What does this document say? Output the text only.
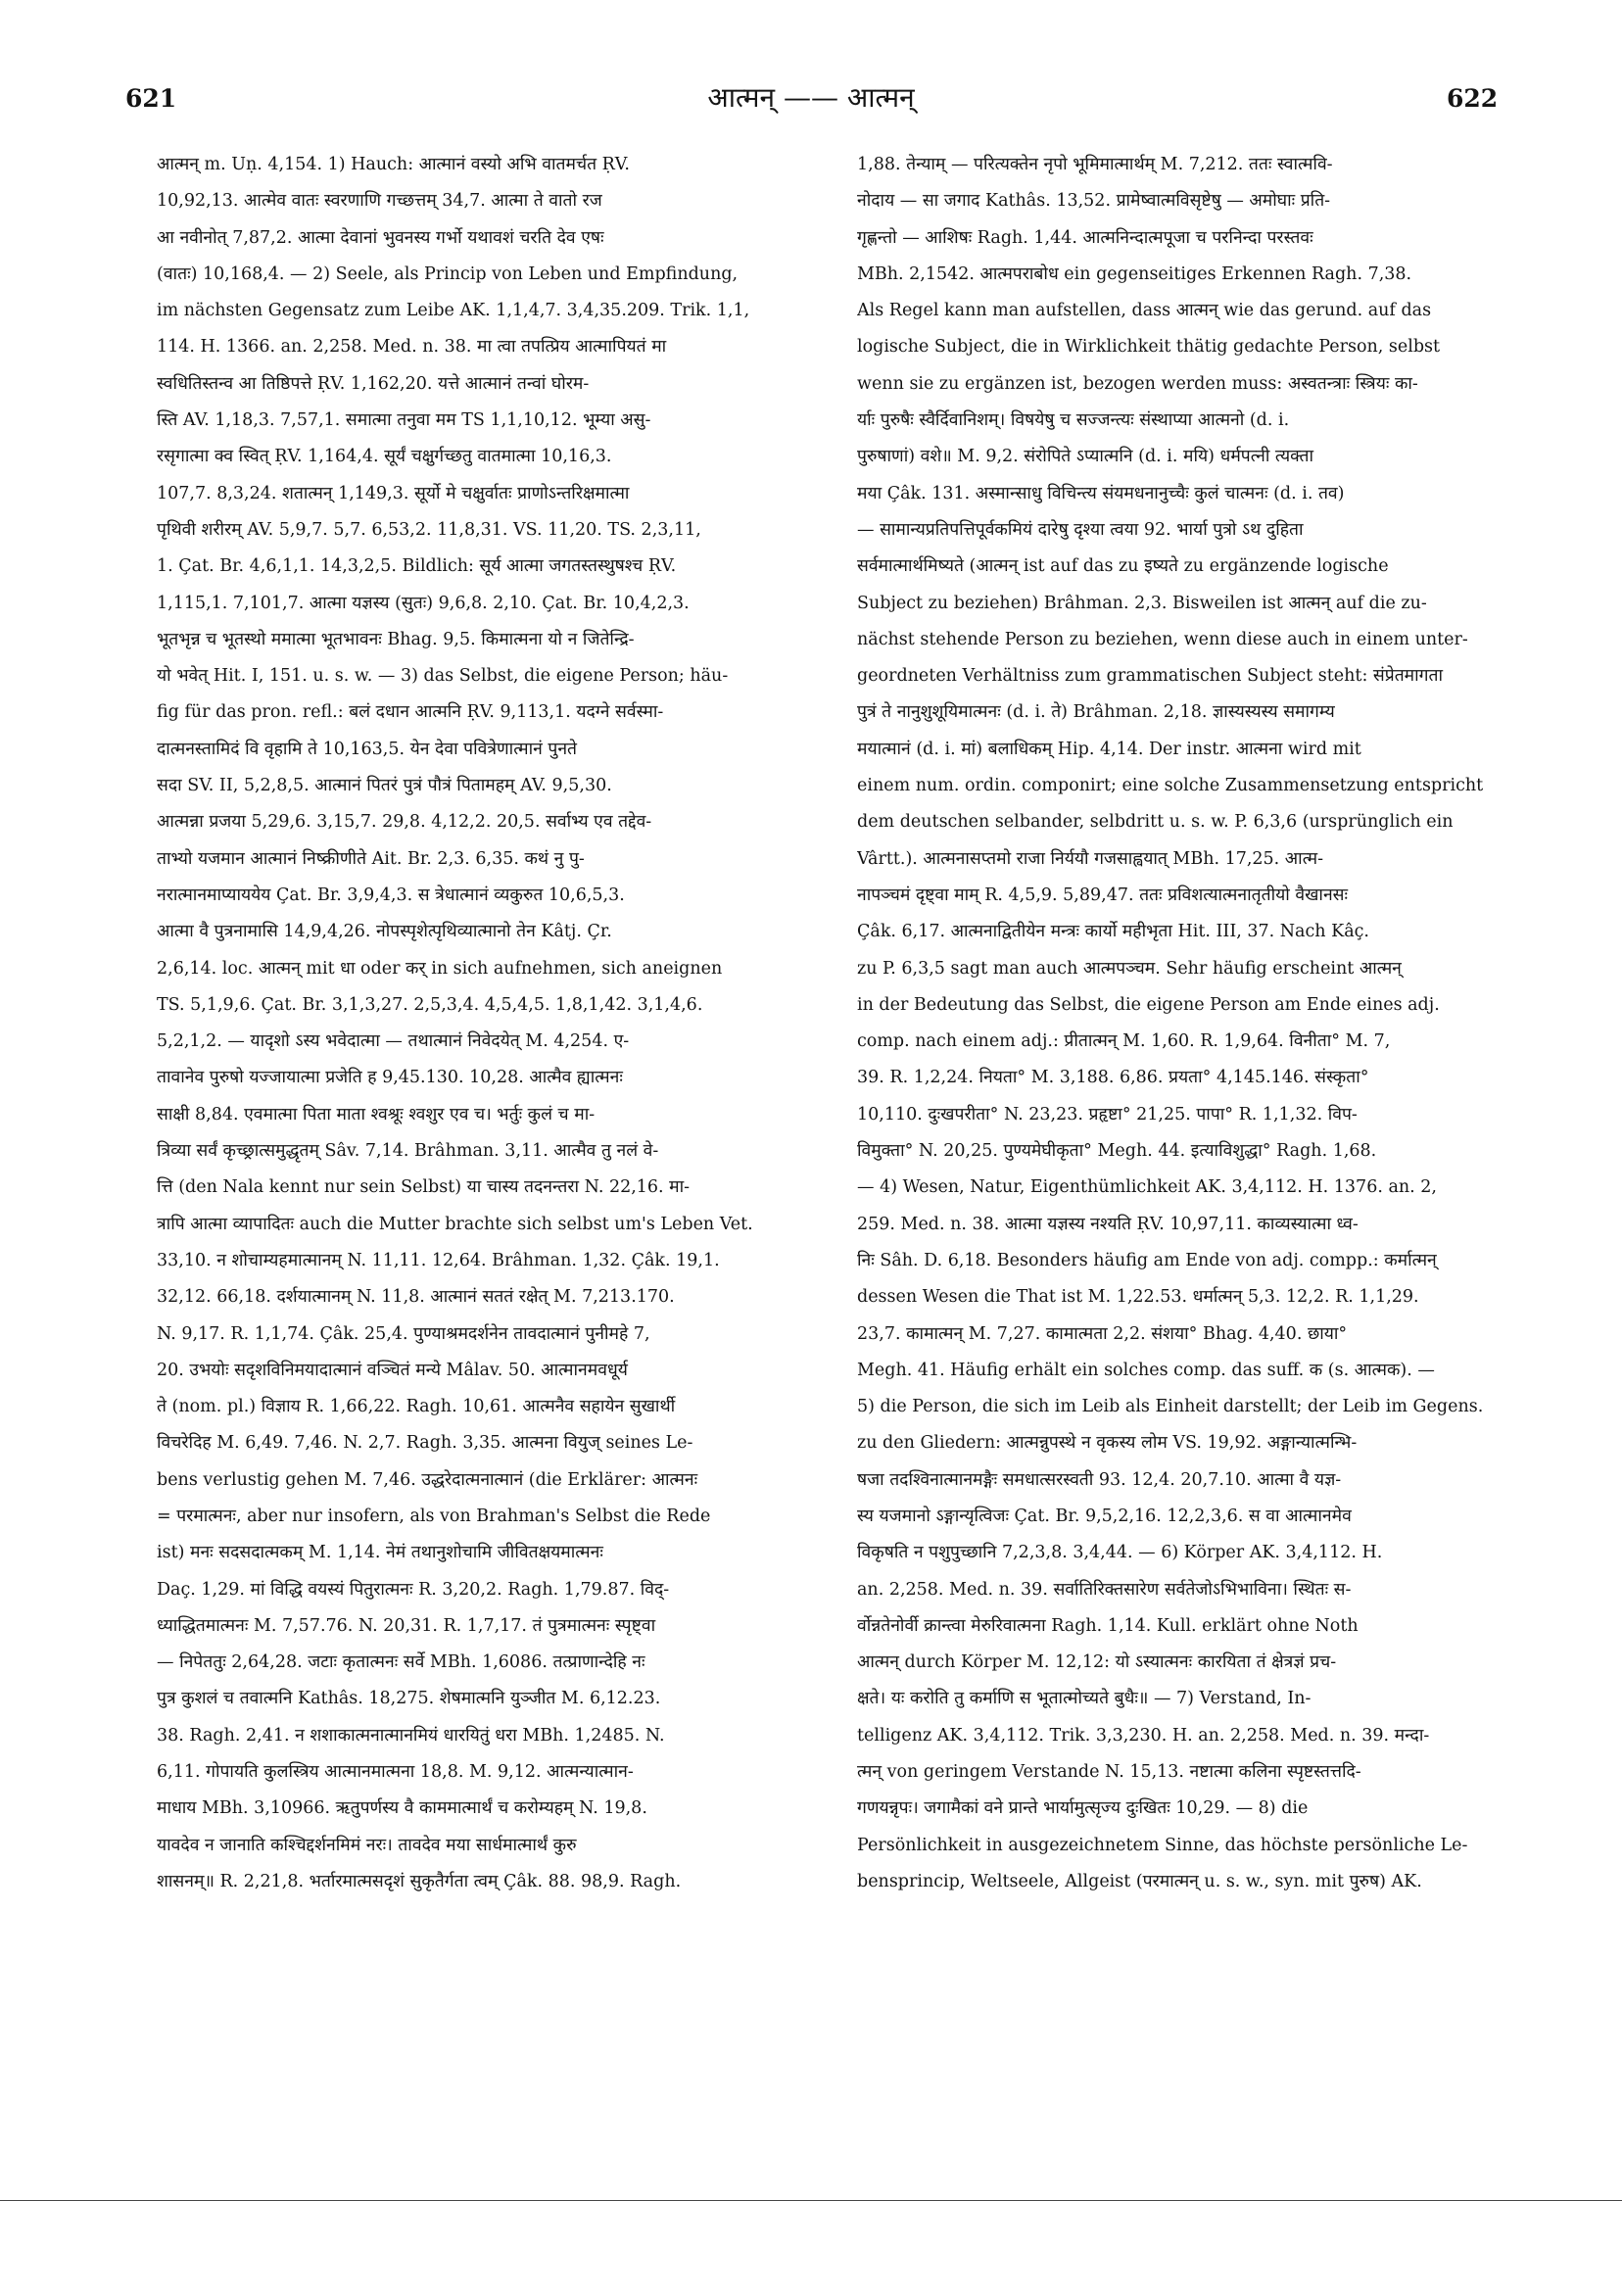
621	आत्मन् —— आत्मन्	622
आत्मन् m. Uṇ. 4,154. 1) Hauch: आत्मानं वस्यो अभि वातमर्चत ṚV.
10,92,13. आत्मेव वातः स्वरणाणि गच्छत्तम् 34,7. आत्मा ते वातो रज
आ नवीनोत् 7,87,2. आत्मा देवानां भुवनस्य गर्भो यथावशं चरति देव एषः
(वातः) 10,168,4. — 2) Seele, als Princip von Leben und Empfindung,
im nächsten Gegensatz zum Leibe AK. 1,1,4,7. 3,4,35.209. Trik. 1,1,
114. H. 1366. an. 2,258. Med. n. 38. मा त्वा तपत्प्रिय आत्मापियतं मा
स्वधितिस्तन्व आ तिष्ठिपत्ते ṚV. 1,162,20. यत्ते आत्मानं तन्वां घोरम-
स्ति AV. 1,18,3. 7,57,1. समात्मा तनुवा मम TS 1,1,10,12. भूम्या असु-
रसृगात्मा क्व स्वित् ṚV. 1,164,4. सूर्यं चक्षुर्गच्छतु वातमात्मा 10,16,3.
107,7. 8,3,24. शतात्मन् 1,149,3. सूर्यो मे चक्षुर्वातः प्राणोऽन्तरिक्षमात्मा
पृथिवी शरीरम् AV. 5,9,7. 5,7. 6,53,2. 11,8,31. VS. 11,20. TS. 2,3,11,
1. Çat. Br. 4,6,1,1. 14,3,2,5. Bildlich: सूर्य आत्मा जगतस्तस्थुषश्च ṚV.
1,115,1. 7,101,7. आत्मा यज्ञस्य (सुतः) 9,6,8. 2,10. Çat. Br. 10,4,2,3.
भूतभृन्न च भूतस्थो ममात्मा भूतभावनः Bhag. 9,5. किमात्मना यो न जितेन्द्रि-
यो भवेत् Hit. I, 151. u. s. w. — 3) das Selbst, die eigene Person; häu-
fig für das pron. refl.: बलं दधान आत्मनि ṚV. 9,113,1. यदग्ने सर्वस्मा-
दात्मनस्तामिदं वि वृहामि ते 10,163,5. येन देवा पवित्रेणात्मानं पुनते
सदा SV. II, 5,2,8,5. आत्मानं पितरं पुत्रं पौत्रं पितामहम् AV. 9,5,30.
आत्मन्ना प्रजया 5,29,6. 3,15,7. 29,8. 4,12,2. 20,5. सर्वाभ्य एव तद्देव-
ताभ्यो यजमान आत्मानं निष्क्रीणीते Ait. Br. 2,3. 6,35. कथं नु पु-
नरात्मानमाप्याययेय Çat. Br. 3,9,4,3. स त्रेधात्मानं व्यकुरुत 10,6,5,3.
आत्मा वै पुत्रनामासि 14,9,4,26. नोपस्पृशेत्पृथिव्यात्मानो तेन Kâtj. Çr.
2,6,14. loc. आत्मन् mit धा oder कर् in sich aufnehmen, sich aneignen
TS. 5,1,9,6. Çat. Br. 3,1,3,27. 2,5,3,4. 4,5,4,5. 1,8,1,42. 3,1,4,6.
5,2,1,2. — यादृशो ऽस्य भवेदात्मा — तथात्मानं निवेदयेत् M. 4,254. ए-
तावानेव पुरुषो यज्जायात्मा प्रजेति ह 9,45.130. 10,28. आत्मैव ह्यात्मनः
साक्षी 8,84. एवमात्मा पिता माता श्वश्रूः श्वशुर एव च। भर्तुः कुलं च मा-
त्रिव्या सर्वं कृच्छ्रात्समुद्धृतम् Sâv. 7,14. Brâhman. 3,11. आत्मैव तु नलं वे-
त्ति (den Nala kennt nur sein Selbst) या चास्य तदनन्तरा N. 22,16. मा-
त्रापि आत्मा व्यापादितः auch die Mutter brachte sich selbst um's Leben Vet.
33,10. न शोचाम्यहमात्मानम् N. 11,11. 12,64. Brâhman. 1,32. Çâk. 19,1.
32,12. 66,18. दर्शयात्मानम् N. 11,8. आत्मानं सततं रक्षेत् M. 7,213.170.
N. 9,17. R. 1,1,74. Çâk. 25,4. पुण्याश्रमदर्शनेन तावदात्मानं पुनीमहे 7,
20. उभयोः सदृशविनिमयादात्मानं वञ्चितं मन्ये Mâlav. 50. आत्मानमवधूर्य
ते (nom. pl.) विज्ञाय R. 1,66,22. Ragh. 10,61. आत्मनैव सहायेन सुखार्थी
विचरेदिह M. 6,49. 7,46. N. 2,7. Ragh. 3,35. आत्मना वियुज् seines Le-
bens verlustig gehen M. 7,46. उद्धरेदात्मनात्मानं (die Erklärer: आत्मनः
= परमात्मनः, aber nur insofern, als von Brahman's Selbst die Rede
ist) मनः सदसदात्मकम् M. 1,14. नेमं तथानुशोचामि जीवितक्षयमात्मनः
Daç. 1,29. मां विद्धि वयस्यं पितुरात्मनः R. 3,20,2. Ragh. 1,79.87. विद्-
ध्याद्धितमात्मनः M. 7,57.76. N. 20,31. R. 1,7,17. तं पुत्रमात्मनः स्पृष्ट्वा
— निपेततुः 2,64,28. जटाः कृतात्मनः सर्वे MBh. 1,6086. तत्प्राणान्देहि नः
पुत्र कुशलं च तवात्मनि Kathâs. 18,275. शेषमात्मनि युञ्जीत M. 6,12.23.
38. Ragh. 2,41. न शशाकात्मनात्मानमियं धारयितुं धरा MBh. 1,2485. N.
6,11. गोपायति कुलस्त्रिय आत्मानमात्मना 18,8. M. 9,12. आत्मन्यात्मान-
माधाय MBh. 3,10966. ऋतुपर्णस्य वै काममात्मार्थं च करोम्यहम् N. 19,8.
यावदेव न जानाति कश्चिद्दर्शनमिमं नरः। तावदेव मया सार्धमात्मार्थं कुरु
शासनम्॥ R. 2,21,8. भर्तारमात्मसदृशं सुकृतैर्गता त्वम् Çâk. 88. 98,9. Ragh.
1,88. तेन्याम् — परित्यक्तेन नृपो भूमिमात्मार्थम् M. 7,212. ततः स्वात्मवि-
नोदाय — सा जगाद Kathâs. 13,52. प्रामेष्वात्मविसृष्टेषु — अमोघाः प्रति-
गृह्णन्तो — आशिषः Ragh. 1,44. आत्मनिन्दात्मपूजा च परनिन्दा परस्तवः
MBh. 2,1542. आत्मपराबोध ein gegenseitiges Erkennen Ragh. 7,38.
Als Regel kann man aufstellen, dass आत्मन् wie das gerund. auf das
logische Subject, die in Wirklichkeit thätig gedachte Person, selbst
wenn sie zu ergänzen ist, bezogen werden muss: अस्वतन्त्राः स्त्रियः का-
र्याः पुरुषैः स्वैर्दिवानिशम्। विषयेषु च सज्जन्त्यः संस्थाप्या आत्मनो (d. i.
पुरुषाणां) वशे॥ M. 9,2. संरोपिते ऽप्यात्मनि (d. i. मयि) धर्मपत्नी त्यक्ता
मया Çâk. 131. अस्मान्साधु विचिन्त्य संयमधनानुच्चैः कुलं चात्मनः (d. i. तव)
— सामान्यप्रतिपत्तिपूर्वकमियं दारेषु दृश्या त्वया 92. भार्या पुत्रो ऽथ दुहिता
सर्वमात्मार्थमिष्यते (आत्मन् ist auf das zu इष्यते zu ergänzende logische
Subject zu beziehen) Brâhman. 2,3. Bisweilen ist आत्मन् auf die zu-
nächst stehende Person zu beziehen, wenn diese auch in einem unter-
geordneten Verhältniss zum grammatischen Subject steht: संप्रेतमागता
पुत्रं ते नानुशुशूयिमात्मनः (d. i. ते) Brâhman. 2,18. ज्ञास्यस्यस्य समागम्य
मयात्मानं (d. i. मां) बलाधिकम् Hip. 4,14. Der instr. आत्मना wird mit
einem num. ordin. componirt; eine solche Zusammensetzung entspricht
dem deutschen selbander, selbdritt u. s. w. P. 6,3,6 (ursprünglich ein
Vârtt.). आत्मनासप्तमो राजा निर्ययौ गजसाह्वयात् MBh. 17,25. आत्म-
नापञ्चमं दृष्ट्वा माम् R. 4,5,9. 5,89,47. ततः प्रविशत्यात्मनातृतीयो वैखानसः
Çâk. 6,17. आत्मनाद्वितीयेन मन्त्रः कार्यो महीभृता Hit. III, 37. Nach Kâç.
zu P. 6,3,5 sagt man auch आत्मपञ्चम. Sehr häufig erscheint आत्मन्
in der Bedeutung das Selbst, die eigene Person am Ende eines adj.
comp. nach einem adj.: प्रीतात्मन् M. 1,60. R. 1,9,64. विनीता° M. 7,
39. R. 1,2,24. नियता° M. 3,188. 6,86. प्रयता° 4,145.146. संस्कृता°
10,110. दुःखपरीता° N. 23,23. प्रहृष्टा° 21,25. पापा° R. 1,1,32. विप-
विमुक्ता° N. 20,25. पुण्यमेघीकृता° Megh. 44. इत्याविशुद्धा° Ragh. 1,68.
— 4) Wesen, Natur, Eigenthümlichkeit AK. 3,4,112. H. 1376. an. 2,
259. Med. n. 38. आत्मा यज्ञस्य नश्यति ṚV. 10,97,11. काव्यस्यात्मा ध्व-
निः Sâh. D. 6,18. Besonders häufig am Ende von adj. compp.: कर्मात्मन्
dessen Wesen die That ist M. 1,22.53. धर्मात्मन् 5,3. 12,2. R. 1,1,29.
23,7. कामात्मन् M. 7,27. कामात्मता 2,2. संशया° Bhag. 4,40. छाया°
Megh. 41. Häufig erhält ein solches comp. das suff. क (s. आत्मक). —
5) die Person, die sich im Leib als Einheit darstellt; der Leib im Gegens.
zu den Gliedern: आत्मन्नुपस्थे न वृकस्य लोम VS. 19,92. अङ्गान्यात्मन्भि-
षजा तदश्विनात्मानमङ्गैः समधात्सरस्वती 93. 12,4. 20,7.10. आत्मा वै यज्ञ-
स्य यजमानो ऽङ्गान्यृत्विजः Çat. Br. 9,5,2,16. 12,2,3,6. स वा आत्मानमेव
विकृषति न पशुपुच्छानि 7,2,3,8. 3,4,44. — 6) Körper AK. 3,4,112. H.
an. 2,258. Med. n. 39. सर्वातिरिक्तसारेण सर्वतेजोऽभिभाविना। स्थितः स-
र्वोन्नतेनोर्वी क्रान्त्वा मेरुरिवात्मना Ragh. 1,14. Kull. erklärt ohne Noth
आत्मन् durch Körper M. 12,12: यो ऽस्यात्मनः कारयिता तं क्षेत्रज्ञं प्रच-
क्षते। यः करोति तु कर्माणि स भूतात्मोच्यते बुधैः॥ — 7) Verstand, In-
telligenz AK. 3,4,112. Trik. 3,3,230. H. an. 2,258. Med. n. 39. मन्दा-
त्मन् von geringem Verstande N. 15,13. नष्टात्मा कलिना स्पृष्टस्तत्तदि-
गणयन्नृपः। जगामैकां वने प्रान्ते भार्यामुत्सृज्य दुःखितः 10,29. — 8) die
Persönlichkeit in ausgezeichnetem Sinne, das höchste persönliche Le-
bensprincip, Weltseele, Allgeist (परमात्मन् u. s. w., syn. mit पुरुष) AK.
